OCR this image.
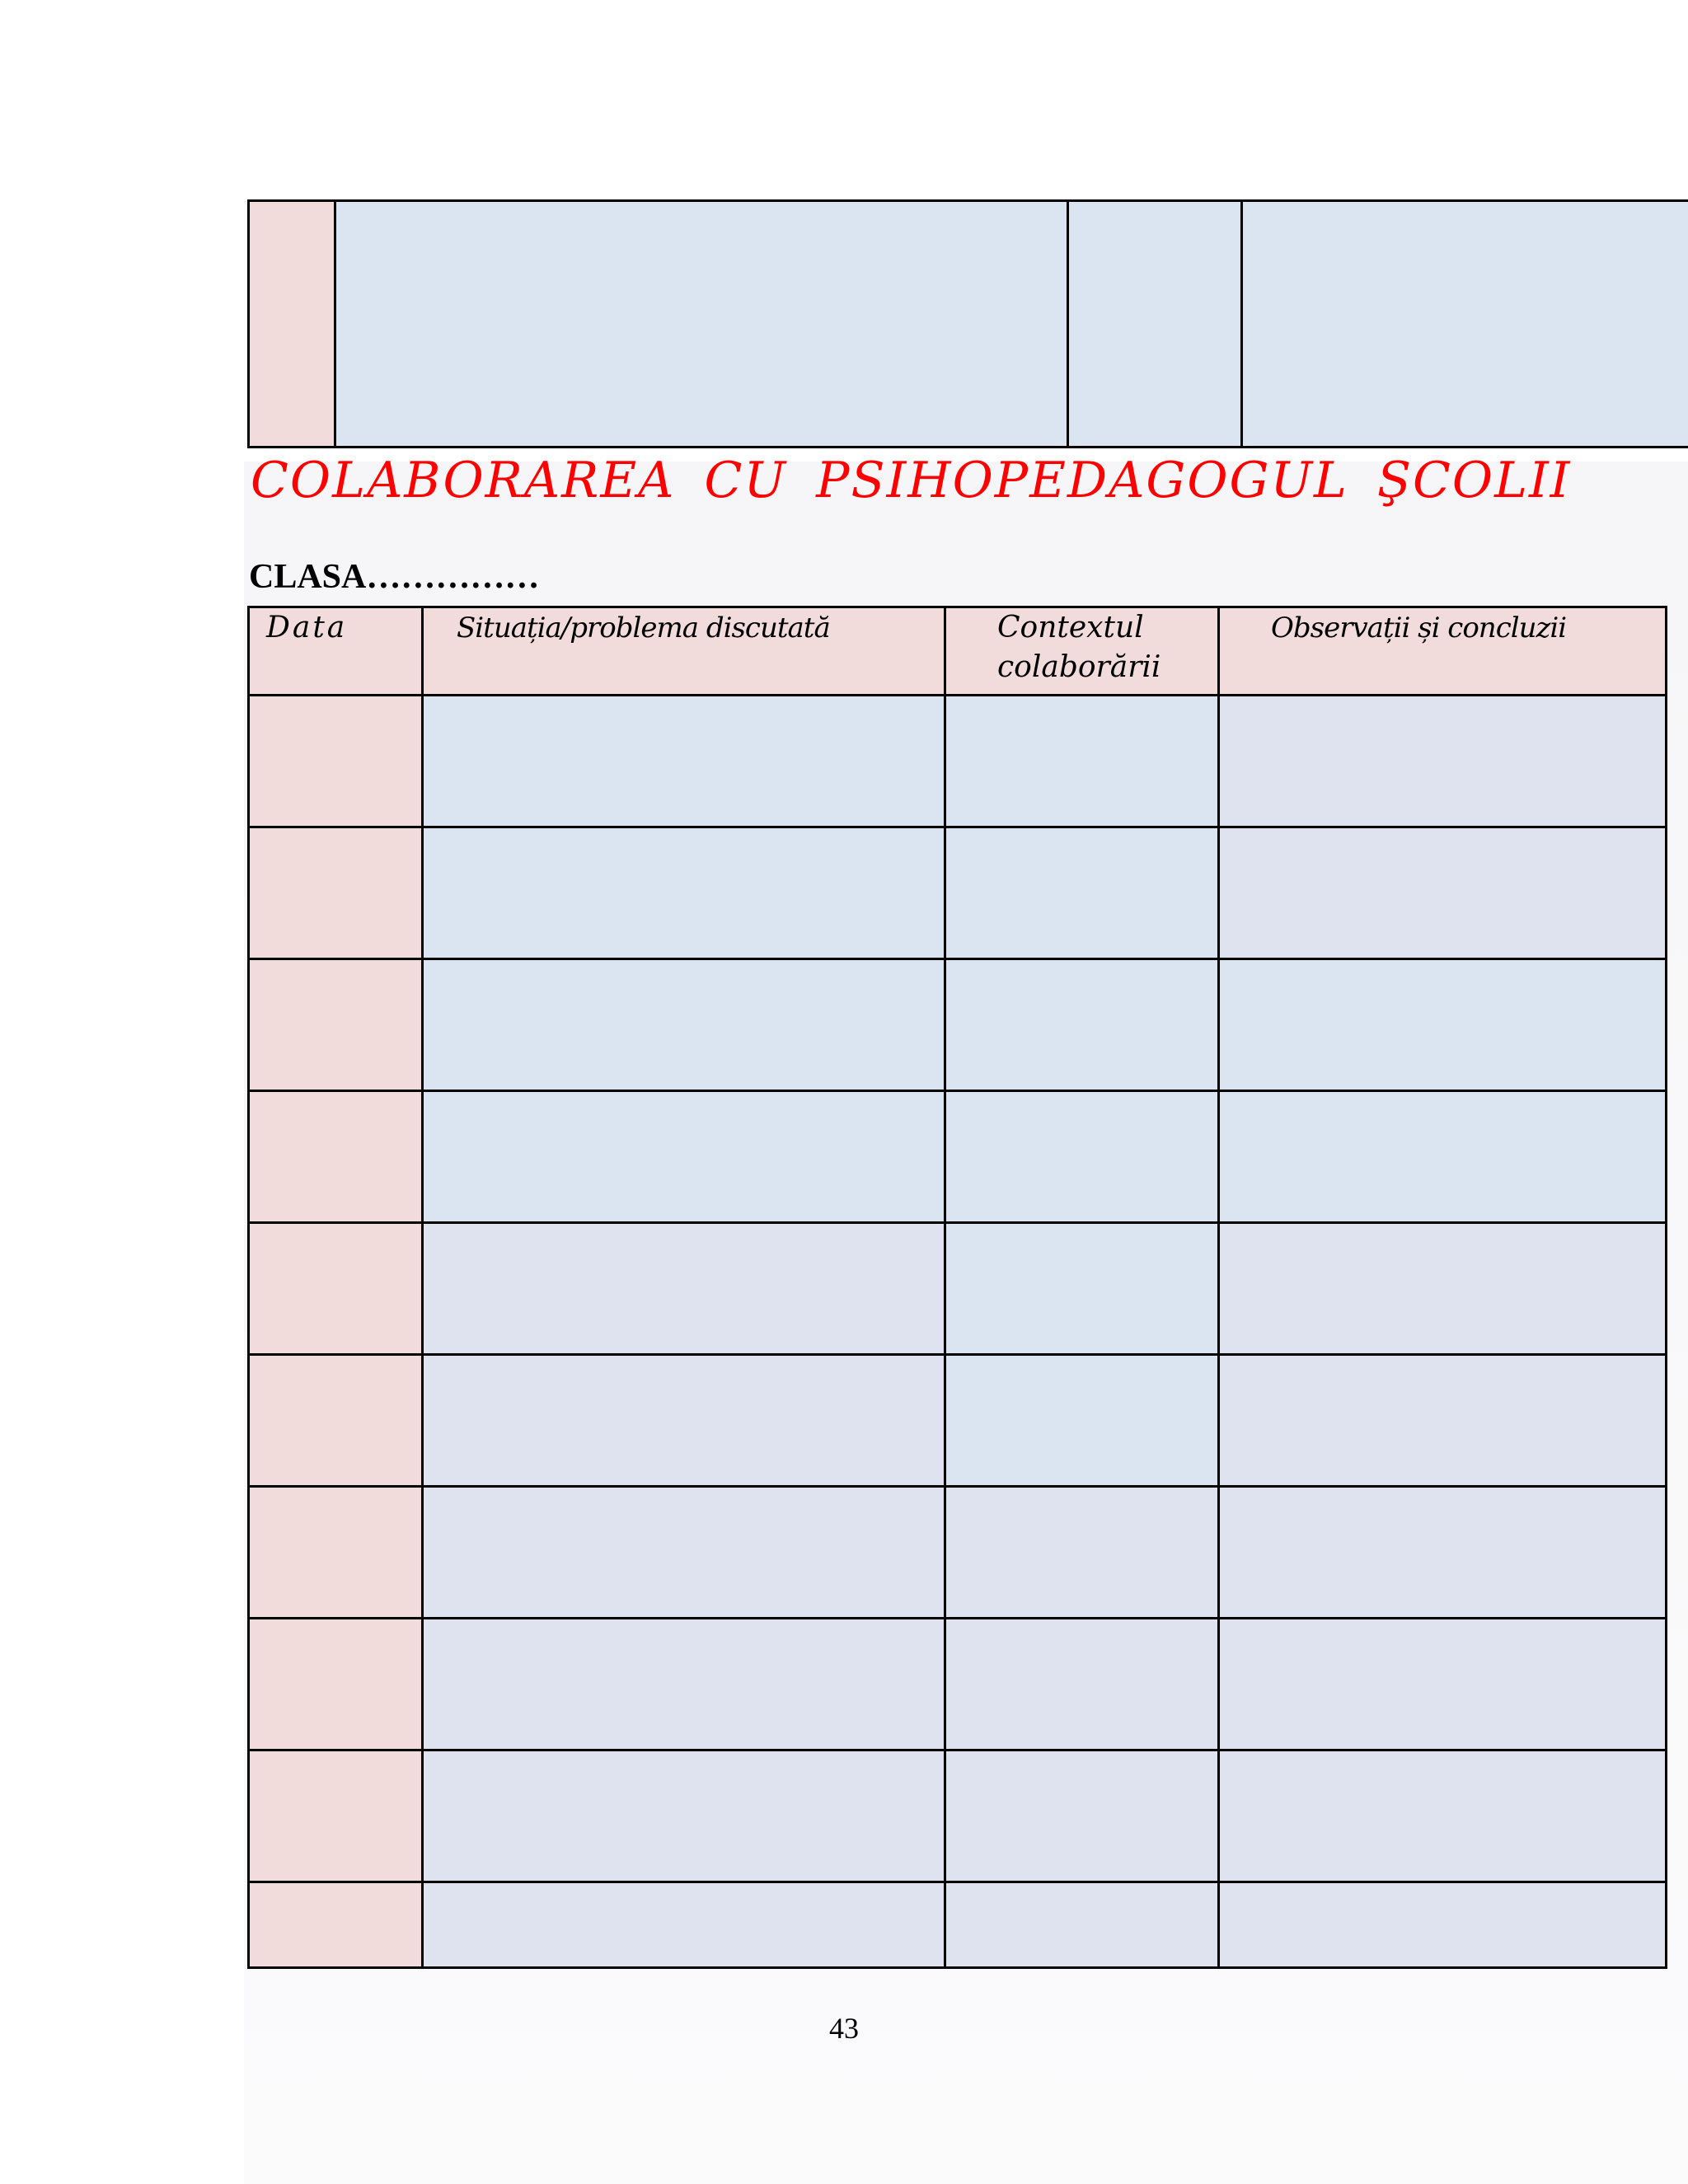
COLABORAREA CU PSIHOPEDAGOGUL ŞCOLII
CLASA……………
Data	Situația/problema discutată	Contextul colaborării	Observații și concluzii

43
